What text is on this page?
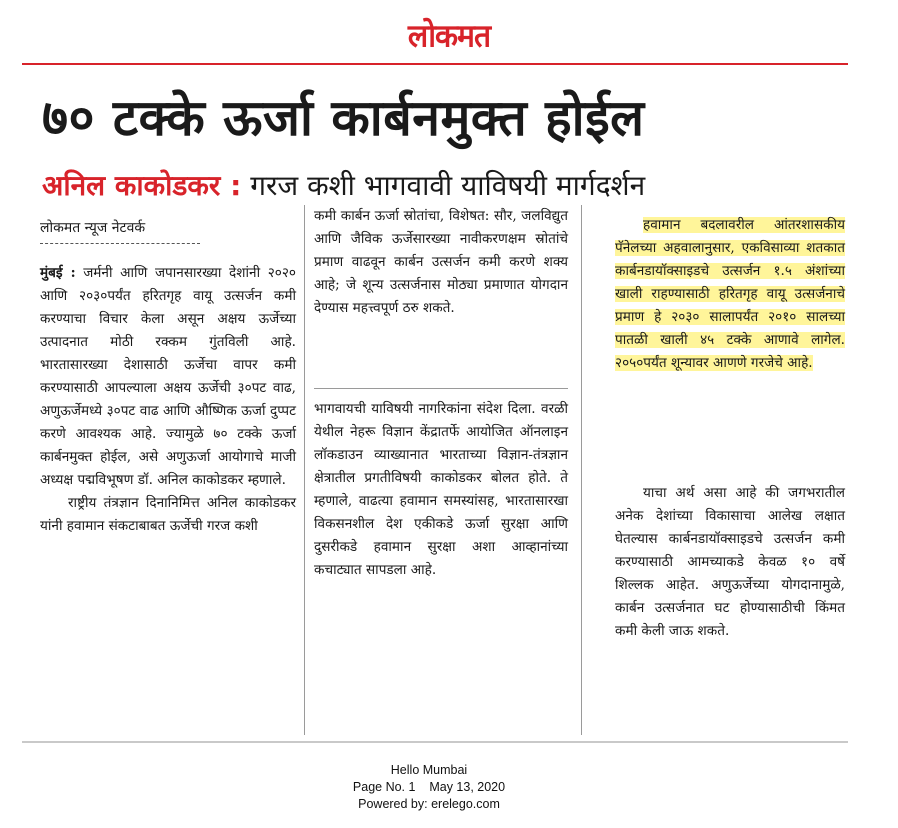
लोकमत
७० टक्के ऊर्जा कार्बनमुक्त होईल
अनिल काकोडकर : गरज कशी भागवावी याविषयी मार्गदर्शन
लोकमत न्यूज नेटवर्क

मुंबई : जर्मनी आणि जपानसारख्या देशांनी २०२० आणि २०३०पर्यंत हरितगृह वायू उत्सर्जन कमी करण्याचा विचार केला असून अक्षय ऊर्जेच्या उत्पादनात मोठी रक्कम गुंतविली आहे. भारतासारख्या देशासाठी ऊर्जेचा वापर कमी करण्यासाठी आपल्याला अक्षय ऊर्जेची ३०पट वाढ, अणुऊर्जेमध्ये ३०पट वाढ आणि औष्णिक ऊर्जा दुप्पट करणे आवश्यक आहे. ज्यामुळे ७० टक्के ऊर्जा कार्बनमुक्त होईल, असे अणुऊर्जा आयोगाचे माजी अध्यक्ष पद्मविभूषण डॉ. अनिल काकोडकर म्हणाले.

राष्ट्रीय तंत्रज्ञान दिनानिमित्त अनिल काकोडकर यांनी हवामान संकटाबाबत ऊर्जेची गरज कशी

कमी कार्बन ऊर्जा स्रोतांचा, विशेषत: सौर, जलविद्युत आणि जैविक ऊर्जेसारख्या नावीकरणक्षम स्रोतांचे प्रमाण वाढवून कार्बन उत्सर्जन कमी करणे शक्य आहे; जे शून्य उत्सर्जनास मोठ्या प्रमाणात योगदान देण्यास महत्त्वपूर्ण ठरु शकते.

भागवायची याविषयी नागरिकांना संदेश दिला. वरळी येथील नेहरू विज्ञान केंद्रातर्फे आयोजित ऑनलाइन लॉकडाउन व्याख्यानात भारताच्या विज्ञान-तंत्रज्ञान क्षेत्रातील प्रगतीविषयी काकोडकर बोलत होते. ते म्हणाले, वाढत्या हवामान समस्यांसह, भारतासारखा विकसनशील देश एकीकडे ऊर्जा सुरक्षा आणि दुसरीकडे हवामान सुरक्षा अशा आव्हानांच्या कचाट्यात सापडला आहे.

हवामान बदलावरील आंतरशासकीय पॅनेलच्या अहवालानुसार, एकविसाव्या शतकात कार्बनडायॉक्साइडचे उत्सर्जन १.५ अंशांच्या खाली राहण्यासाठी हरितगृह वायू उत्सर्जनाचे प्रमाण हे २०३० सालापर्यंत २०१० सालच्या पातळी खाली ४५ टक्के आणावे लागेल. २०५०पर्यंत शून्यावर आणणे गरजेचे आहे.

याचा अर्थ असा आहे की जगभरातील अनेक देशांच्या विकासाचा आलेख लक्षात घेतल्यास कार्बनडायॉक्साइडचे उत्सर्जन कमी करण्यासाठी आमच्याकडे केवळ १० वर्षे शिल्लक आहेत. अणुऊर्जेच्या योगदानामुळे, कार्बन उत्सर्जनात घट होण्यासाठीची किंमत कमी केली जाऊ शकते.

Hello Mumbai
Page No. 1    May 13, 2020
Powered by: erelego.com
